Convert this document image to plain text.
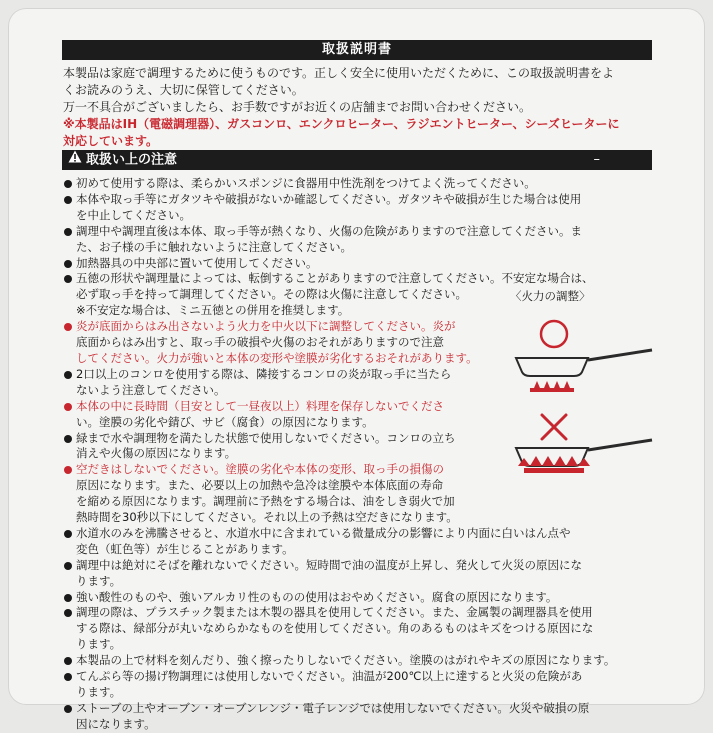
取扱説明書

本製品は家庭で調理するために使うものです。正しく安全に使用いただくために、この取扱説明書をよ

くお読みのうえ、大切に保管してください。

万一不具合がございましたら、お手数ですがお近くの店舗までお問い合わせください。

※本製品はIH（電磁調理器）、ガスコンロ、エンクロヒーター、ラジエントヒーター、シーズヒーターに

対応しています。

取扱い上の注意	–
初めて使用する際は、柔らかいスポンジに食器用中性洗剤をつけてよく洗ってください。
本体や取っ手等にガタツキや破損がないか確認してください。ガタツキや破損が生じた場合は使用
を中止してください。
調理中や調理直後は本体、取っ手等が熱くなり、火傷の危険がありますので注意してください。ま
た、お子様の手に触れないように注意してください。
加熱器具の中央部に置いて使用してください。
五徳の形状や調理量によっては、転倒することがありますので注意してください。不安定な場合は、
必ず取っ手を持って調理してください。その際は火傷に注意してください。
※不安定な場合は、ミニ五徳との併用を推奨します。
炎が底面からはみ出さないよう火力を中火以下に調整してください。炎が
底面からはみ出すと、取っ手の破損や火傷のおそれがありますので注意
してください。火力が強いと本体の変形や塗膜が劣化するおそれがあります。
2口以上のコンロを使用する際は、隣接するコンロの炎が取っ手に当たら
ないよう注意してください。
本体の中に長時間（目安として一昼夜以上）料理を保存しないでくださ
い。塗膜の劣化や錆び、サビ（腐食）の原因になります。
緑まで水や調理物を満たした状態で使用しないでください。コンロの立ち
消えや火傷の原因になります。
空だきはしないでください。塗膜の劣化や本体の変形、取っ手の損傷の
原因になります。また、必要以上の加熱や急冷は塗膜や本体底面の寿命
を縮める原因になります。調理前に予熱をする場合は、油をしき弱火で加
熱時間を30秒以下にしてください。それ以上の予熱は空だきになります。
水道水のみを沸騰させると、水道水中に含まれている微量成分の影響により内面に白いはん点や
変色（虹色等）が生じることがあります。
調理中は絶対にそばを離れないでください。短時間で油の温度が上昇し、発火して火災の原因にな
ります。
強い酸性のものや、強いアルカリ性のものの使用はおやめください。腐食の原因になります。
調理の際は、プラスチック製または木製の器具を使用してください。また、金属製の調理器具を使用
する際は、緑部分が丸いなめらかなものを使用してください。角のあるものはキズをつける原因にな
ります。
本製品の上で材料を刻んだり、強く擦ったりしないでください。塗膜のはがれやキズの原因になります。
てんぷら等の揚げ物調理には使用しないでください。油温が200℃以上に達すると火災の危険があ
ります。
ストーブの上やオーブン・オーブンレンジ・電子レンジでは使用しないでください。火災や破損の原
因になります。
〈火力の調整〉
